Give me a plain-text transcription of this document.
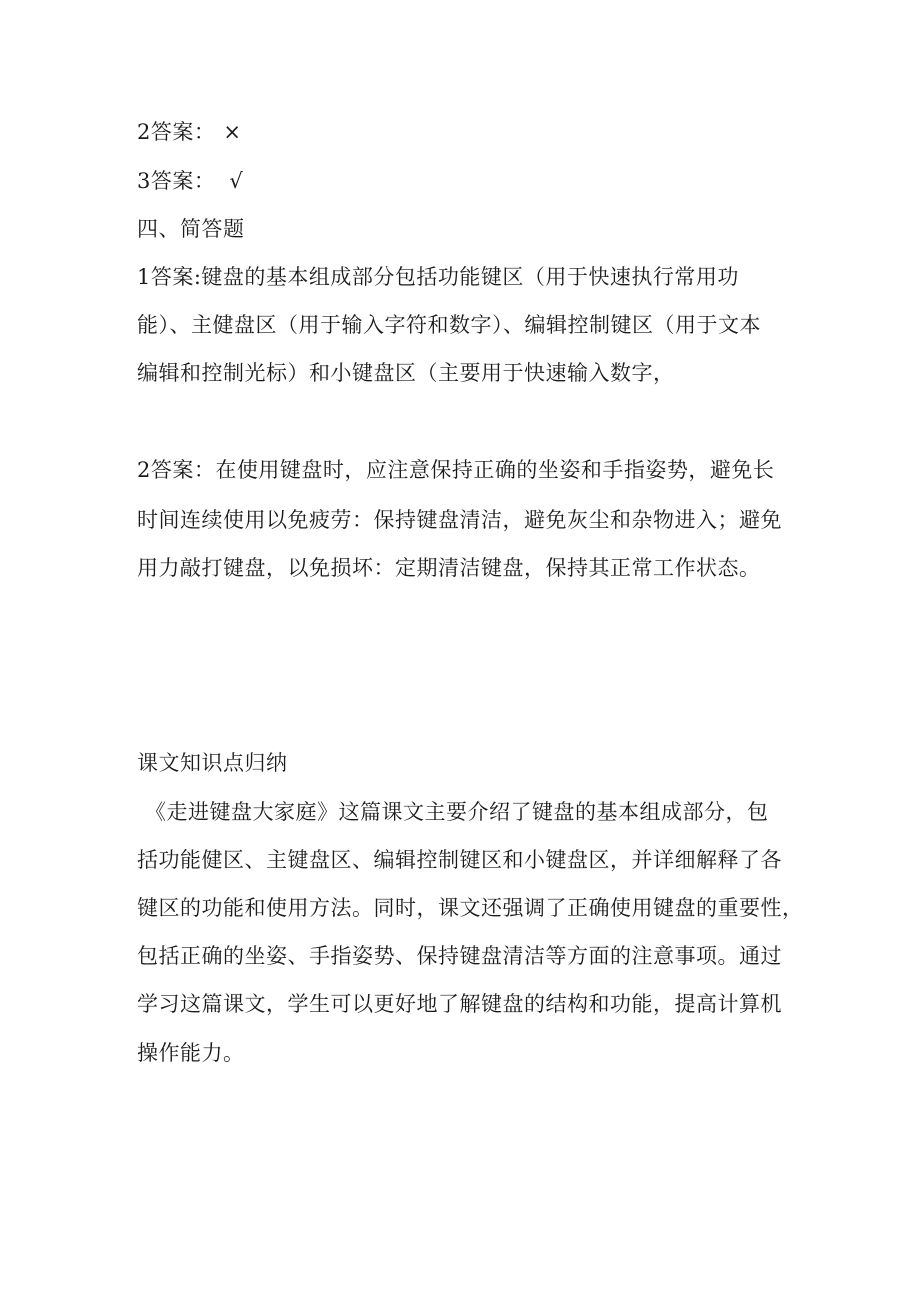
2答案： ×
3答案： √
四、简答题
1答案:键盘的基本组成部分包括功能键区（用于快速执行常用功
能）、主健盘区（用于输入字符和数字）、编辑控制键区（用于文本
编辑和控制光标）和小键盘区（主要用于快速输入数字，
2答案：在使用键盘时，应注意保持正确的坐姿和手指姿势，避免长
时间连续使用以免疲劳：保持键盘清洁，避免灰尘和杂物进入；避免
用力敲打键盘，以免损坏：定期清洁键盘，保持其正常工作状态。
课文知识点归纳
《走进键盘大家庭》这篇课文主要介绍了键盘的基本组成部分，包
括功能健区、主键盘区、编辑控制键区和小键盘区，并详细解释了各
键区的功能和使用方法。同时，课文还强调了正确使用键盘的重要性，
包括正确的坐姿、手指姿势、保持键盘清洁等方面的注意事项。通过
学习这篇课文，学生可以更好地了解键盘的结构和功能，提高计算机
操作能力。
